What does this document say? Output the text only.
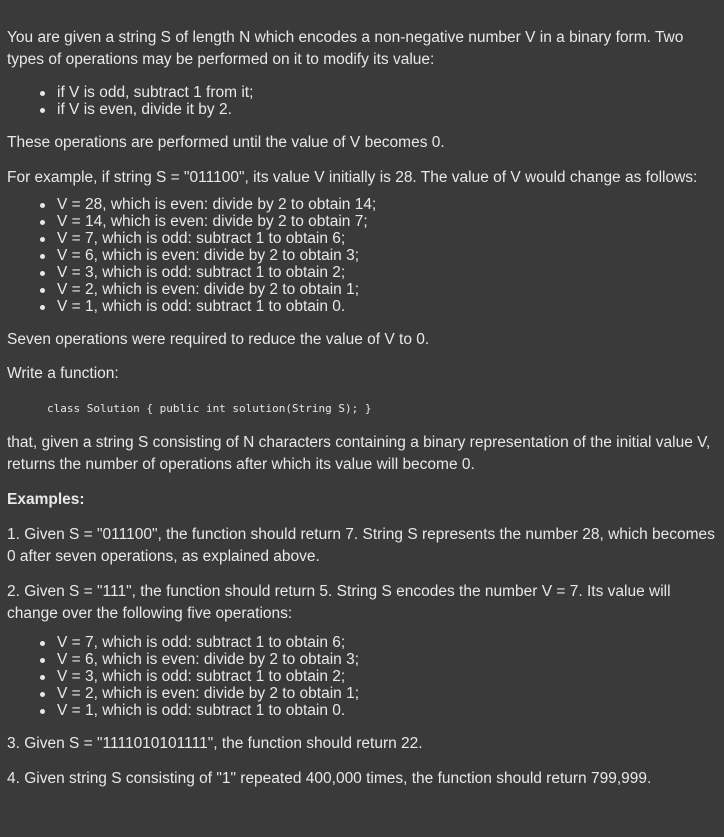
You are given a string S of length N which encodes a non-negative number V in a binary form. Two types of operations may be performed on it to modify its value:

if V is odd, subtract 1 from it;
if V is even, divide it by 2.

These operations are performed until the value of V becomes 0.

For example, if string S = "011100", its value V initially is 28. The value of V would change as follows:

V = 28, which is even: divide by 2 to obtain 14;
V = 14, which is even: divide by 2 to obtain 7;
V = 7, which is odd: subtract 1 to obtain 6;
V = 6, which is even: divide by 2 to obtain 3;
V = 3, which is odd: subtract 1 to obtain 2;
V = 2, which is even: divide by 2 to obtain 1;
V = 1, which is odd: subtract 1 to obtain 0.

Seven operations were required to reduce the value of V to 0.

Write a function:

class Solution { public int solution(String S); }

that, given a string S consisting of N characters containing a binary representation of the initial value V, returns the number of operations after which its value will become 0.

Examples:

1. Given S = "011100", the function should return 7. String S represents the number 28, which becomes 0 after seven operations, as explained above.

2. Given S = "111", the function should return 5. String S encodes the number V = 7. Its value will change over the following five operations:

V = 7, which is odd: subtract 1 to obtain 6;
V = 6, which is even: divide by 2 to obtain 3;
V = 3, which is odd: subtract 1 to obtain 2;
V = 2, which is even: divide by 2 to obtain 1;
V = 1, which is odd: subtract 1 to obtain 0.

3. Given S = "1111010101111", the function should return 22.

4. Given string S consisting of "1" repeated 400,000 times, the function should return 799,999.
